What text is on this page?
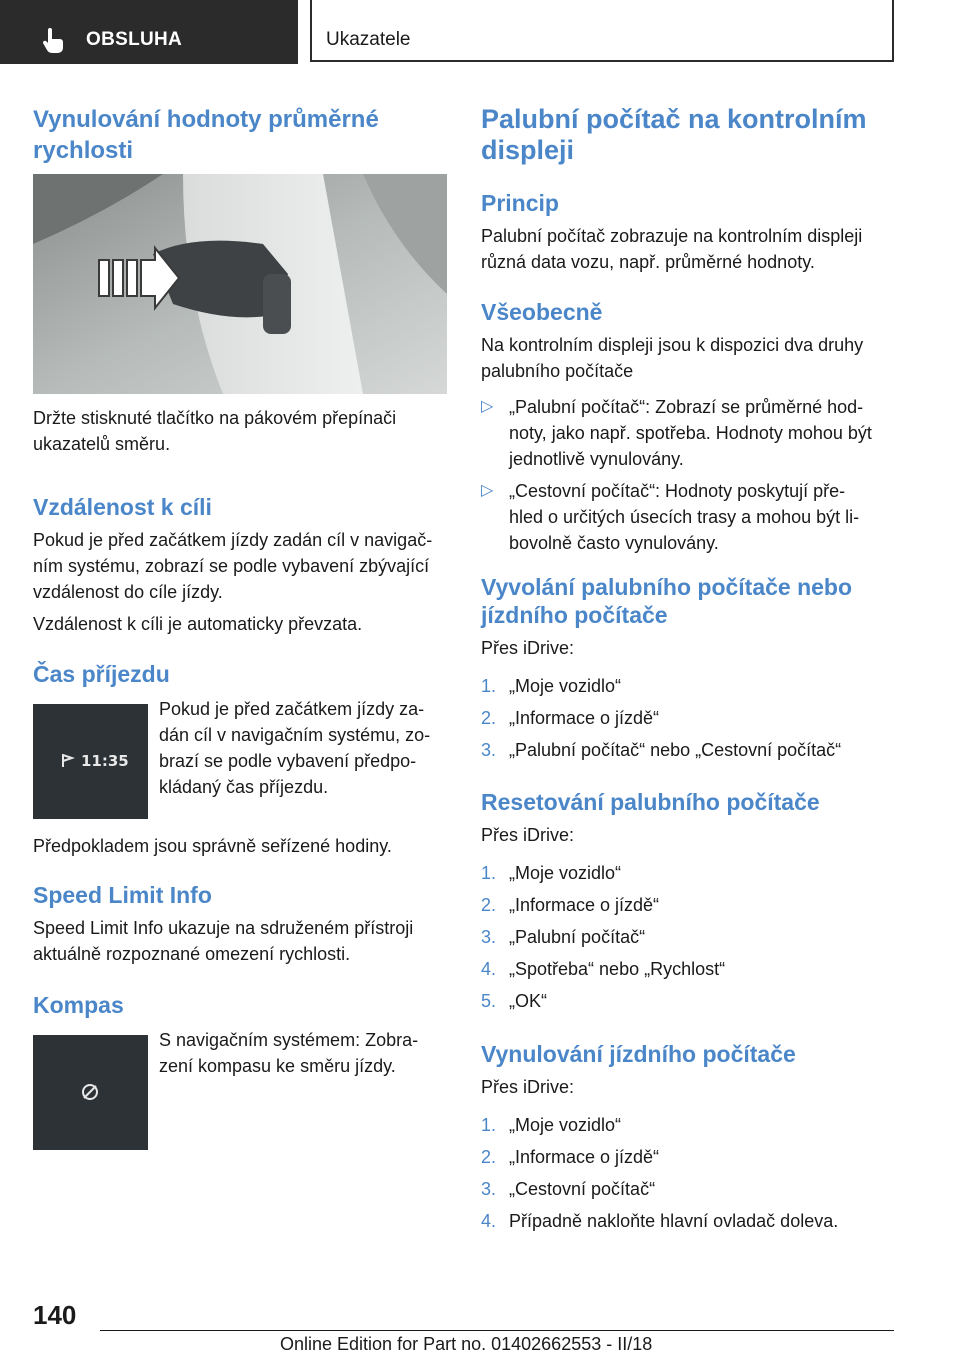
OBSLUHA	Ukazatele
Vynulování hodnoty průměrné
rychlosti

Držte stisknuté tlačítko na pákovém přepínači

ukazatelů směru.

Vzdálenost k cíli

Pokud je před začátkem jízdy zadán cíl v navigač‐

ním systému, zobrazí se podle vybavení zbývající

vzdálenost do cíle jízdy.

Vzdálenost k cíli je automaticky převzata.

Čas příjezdu
11:35

Pokud je před začátkem jízdy za‐

dán cíl v navigačním systému, zo‐

brazí se podle vybavení předpo‐

kládaný čas příjezdu.

Předpokladem jsou správně seřízené hodiny.

Speed Limit Info

Speed Limit Info ukazuje na sdruženém přístroji

aktuálně rozpoznané omezení rychlosti.

Kompas

S navigačním systémem: Zobra‐

zení kompasu ke směru jízdy.

Palubní počítač na kontrolním
displeji
Princip

Palubní počítač zobrazuje na kontrolním displeji

různá data vozu, např. průměrné hodnoty.

Všeobecně

Na kontrolním displeji jsou k dispozici dva druhy

palubního počítače

▷ „Palubní počítač“: Zobrazí se průměrné hod‐
noty, jako např. spotřeba. Hodnoty mohou být
jednotlivě vynulovány.
▷ „Cestovní počítač“: Hodnoty poskytují pře‐
hled o určitých úsecích trasy a mohou být li‐
bovolně často vynulovány.
Vyvolání palubního počítače nebo
jízdního počítače

Přes iDrive:

1. „Moje vozidlo“
2. „Informace o jízdě“
3. „Palubní počítač“ nebo „Cestovní počítač“
Resetování palubního počítače

Přes iDrive:

1. „Moje vozidlo“
2. „Informace o jízdě“
3. „Palubní počítač“
4. „Spotřeba“ nebo „Rychlost“
5. „OK“
Vynulování jízdního počítače

Přes iDrive:

1. „Moje vozidlo“
2. „Informace o jízdě“
3. „Cestovní počítač“
4. Případně nakloňte hlavní ovladač doleva.
140
Online Edition for Part no. 01402662553 - II/18
